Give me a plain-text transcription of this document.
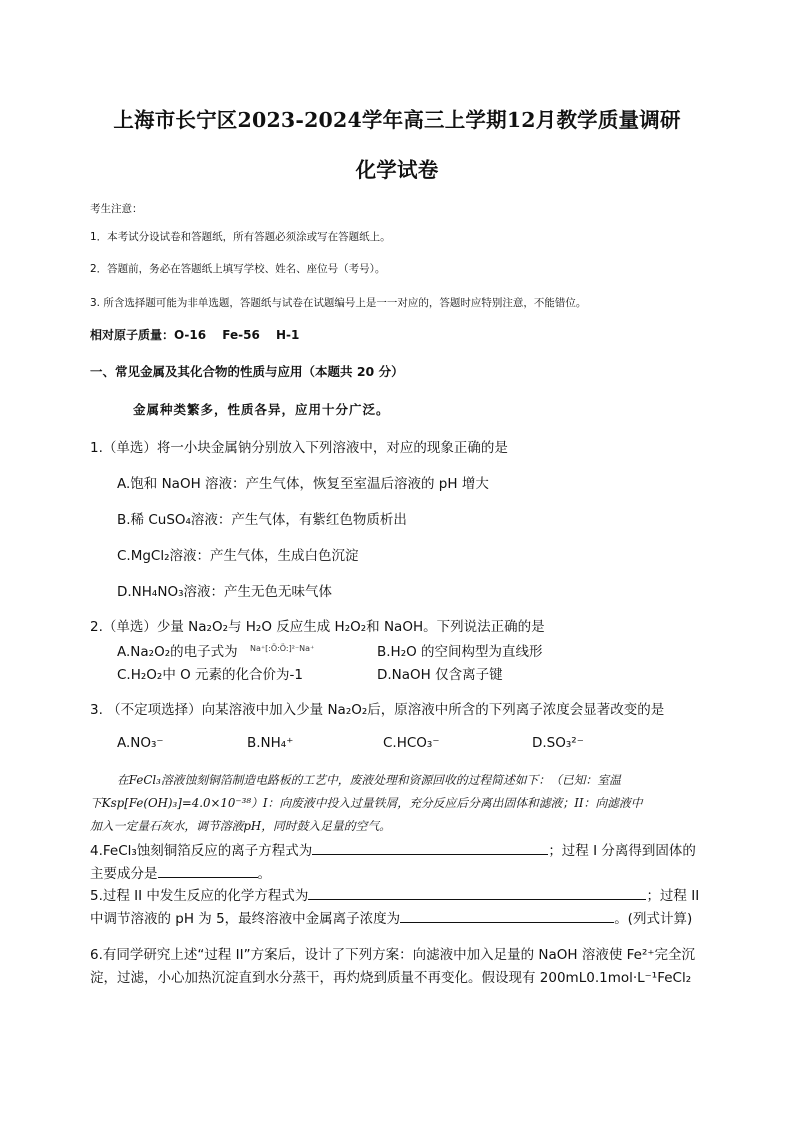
上海市长宁区2023-2024学年高三上学期12月教学质量调研
化学试卷
考生注意：
1．本考试分设试卷和答题纸，所有答题必须涂或写在答题纸上。
2．答题前，务必在答题纸上填写学校、姓名、座位号（考号）。
3. 所含选择题可能为非单选题，答题纸与试卷在试题编号上是一一对应的，答题时应特别注意，不能错位。
相对原子质量：O-16　 Fe-56　 H-1
一、常见金属及其化合物的性质与应用（本题共 20 分）
金属种类繁多，性质各异，应用十分广泛。
1.（单选）将一小块金属钠分别放入下列溶液中，对应的现象正确的是
A.饱和 NaOH 溶液：产生气体，恢复至室温后溶液的 pH 增大
B.稀 CuSO₄溶液：产生气体，有紫红色物质析出
C.MgCl₂溶液：产生气体，生成白色沉淀
D.NH₄NO₃溶液：产生无色无味气体
2.（单选）少量 Na₂O₂与 H₂O 反应生成 H₂O₂和 NaOH。下列说法正确的是
A.Na₂O₂的电子式为 Na⁺[:Ö:Ö:]²⁻Na⁺	B.H₂O 的空间构型为直线形
C.H₂O₂中 O 元素的化合价为-1	D.NaOH 仅含离子键
3. （不定项选择）向某溶液中加入少量 Na₂O₂后，原溶液中所含的下列离子浓度会显著改变的是
A.NO₃⁻	B.NH₄⁺	C.HCO₃⁻	D.SO₃²⁻
在FeCl₃溶液蚀刻铜箔制造电路板的工艺中，废液处理和资源回收的过程简述如下：（已知：室温
下Ksp[Fe(OH)₃]=4.0×10⁻³⁸）I：向废液中投入过量铁屑，充分反应后分离出固体和滤液；II：向滤液中
加入一定量石灰水，调节溶液pH，同时鼓入足量的空气。
4.FeCl₃蚀刻铜箔反应的离子方程式为	；过程 I 分离得到固体的
主要成分是	。
5.过程 II 中发生反应的化学方程式为	；过程 II
中调节溶液的 pH 为 5，最终溶液中金属离子浓度为	。(列式计算)
6.有同学研究上述“过程 II”方案后，设计了下列方案：向滤液中加入足量的 NaOH 溶液使 Fe²⁺完全沉
淀，过滤，小心加热沉淀直到水分蒸干，再灼烧到质量不再变化。假设现有 200mL0.1mol·L⁻¹FeCl₂
